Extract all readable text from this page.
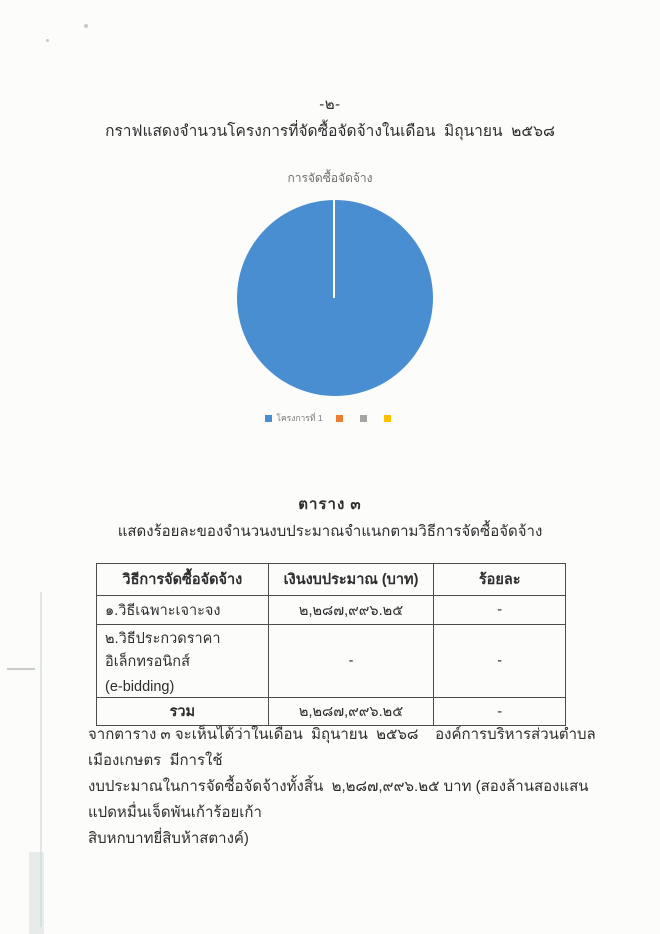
-๒-
กราฟแสดงจำนวนโครงการที่จัดซื้อจัดจ้างในเดือน  มิถุนายน  ๒๕๖๘
การจัดซื้อจัดจ้าง
โครงการที่ 1
ตาราง ๓
แสดงร้อยละของจำนวนงบประมาณจำแนกตามวิธีการจัดซื้อจัดจ้าง
วิธีการจัดซื้อจัดจ้าง	เงินงบประมาณ (บาท)	ร้อยละ
๑.วิธีเฉพาะเจาะจง	๒,๒๘๗,๙๙๖.๒๕	-

๒.วิธีประกวดราคาอิเล็กทรอนิกส์
(e-bidding)	-	-
รวม	๒,๒๘๗,๙๙๖.๒๕	-
จากตาราง ๓ จะเห็นได้ว่าในเดือน  มิถุนายน  ๒๕๖๘    องค์การบริหารส่วนตำบลเมืองเกษตร  มีการใช้
งบประมาณในการจัดซื้อจัดจ้างทั้งสิ้น  ๒,๒๘๗,๙๙๖.๒๕ บาท (สองล้านสองแสนแปดหมื่นเจ็ดพันเก้าร้อยเก้า
สิบหกบาทยี่สิบห้าสตางค์)
